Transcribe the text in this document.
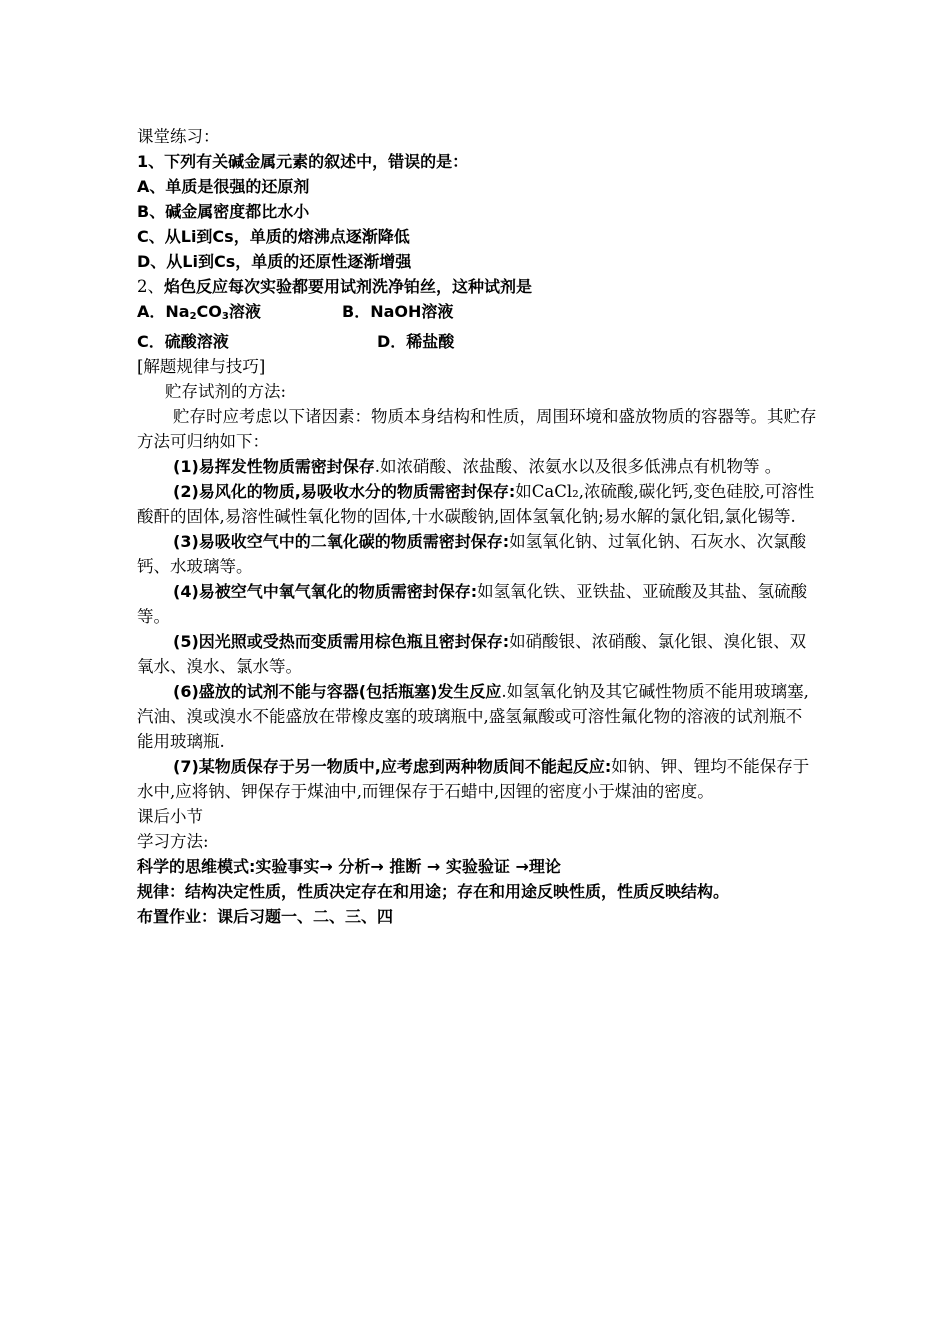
课堂练习：
1、下列有关碱金属元素的叙述中，错误的是：
A、单质是很强的还原剂
B、碱金属密度都比水小
C、从Li到Cs，单质的熔沸点逐渐降低
D、从Li到Cs，单质的还原性逐渐增强
2、焰色反应每次实验都要用试剂洗净铂丝，这种试剂是
A．$Na_2CO_3$溶液	B．NaOH溶液
C．硫酸溶液	D．稀盐酸
[解题规律与技巧]
贮存试剂的方法:
贮存时应考虑以下诸因素：物质本身结构和性质，周围环境和盛放物质的容器等。其贮存方法可归纳如下：
(1)易挥发性物质需密封保存.如浓硝酸、浓盐酸、浓氨水以及很多低沸点有机物等 。
(2)易风化的物质,易吸收水分的物质需密封保存:如CaCl₂,浓硫酸,碳化钙,变色硅胶,可溶性酸酐的固体,易溶性碱性氧化物的固体,十水碳酸钠,固体氢氧化钠;易水解的氯化铝,氯化锡等.
(3)易吸收空气中的二氧化碳的物质需密封保存:如氢氧化钠、过氧化钠、石灰水、次氯酸钙、水玻璃等。
(4)易被空气中氧气氧化的物质需密封保存:如氢氧化铁、亚铁盐、亚硫酸及其盐、氢硫酸等。
(5)因光照或受热而变质需用棕色瓶且密封保存:如硝酸银、浓硝酸、氯化银、溴化银、双氧水、溴水、氯水等。
(6)盛放的试剂不能与容器(包括瓶塞)发生反应.如氢氧化钠及其它碱性物质不能用玻璃塞,汽油、溴或溴水不能盛放在带橡皮塞的玻璃瓶中,盛氢氟酸或可溶性氟化物的溶液的试剂瓶不能用玻璃瓶.
(7)某物质保存于另一物质中,应考虑到两种物质间不能起反应:如钠、钾、锂均不能保存于水中,应将钠、钾保存于煤油中,而锂保存于石蜡中,因锂的密度小于煤油的密度。
课后小节
学习方法:
科学的思维模式:实验事实→ 分析→ 推断 → 实验验证 →理论
规律：结构决定性质，性质决定存在和用途；存在和用途反映性质，性质反映结构。
布置作业：课后习题一、二、三、四
